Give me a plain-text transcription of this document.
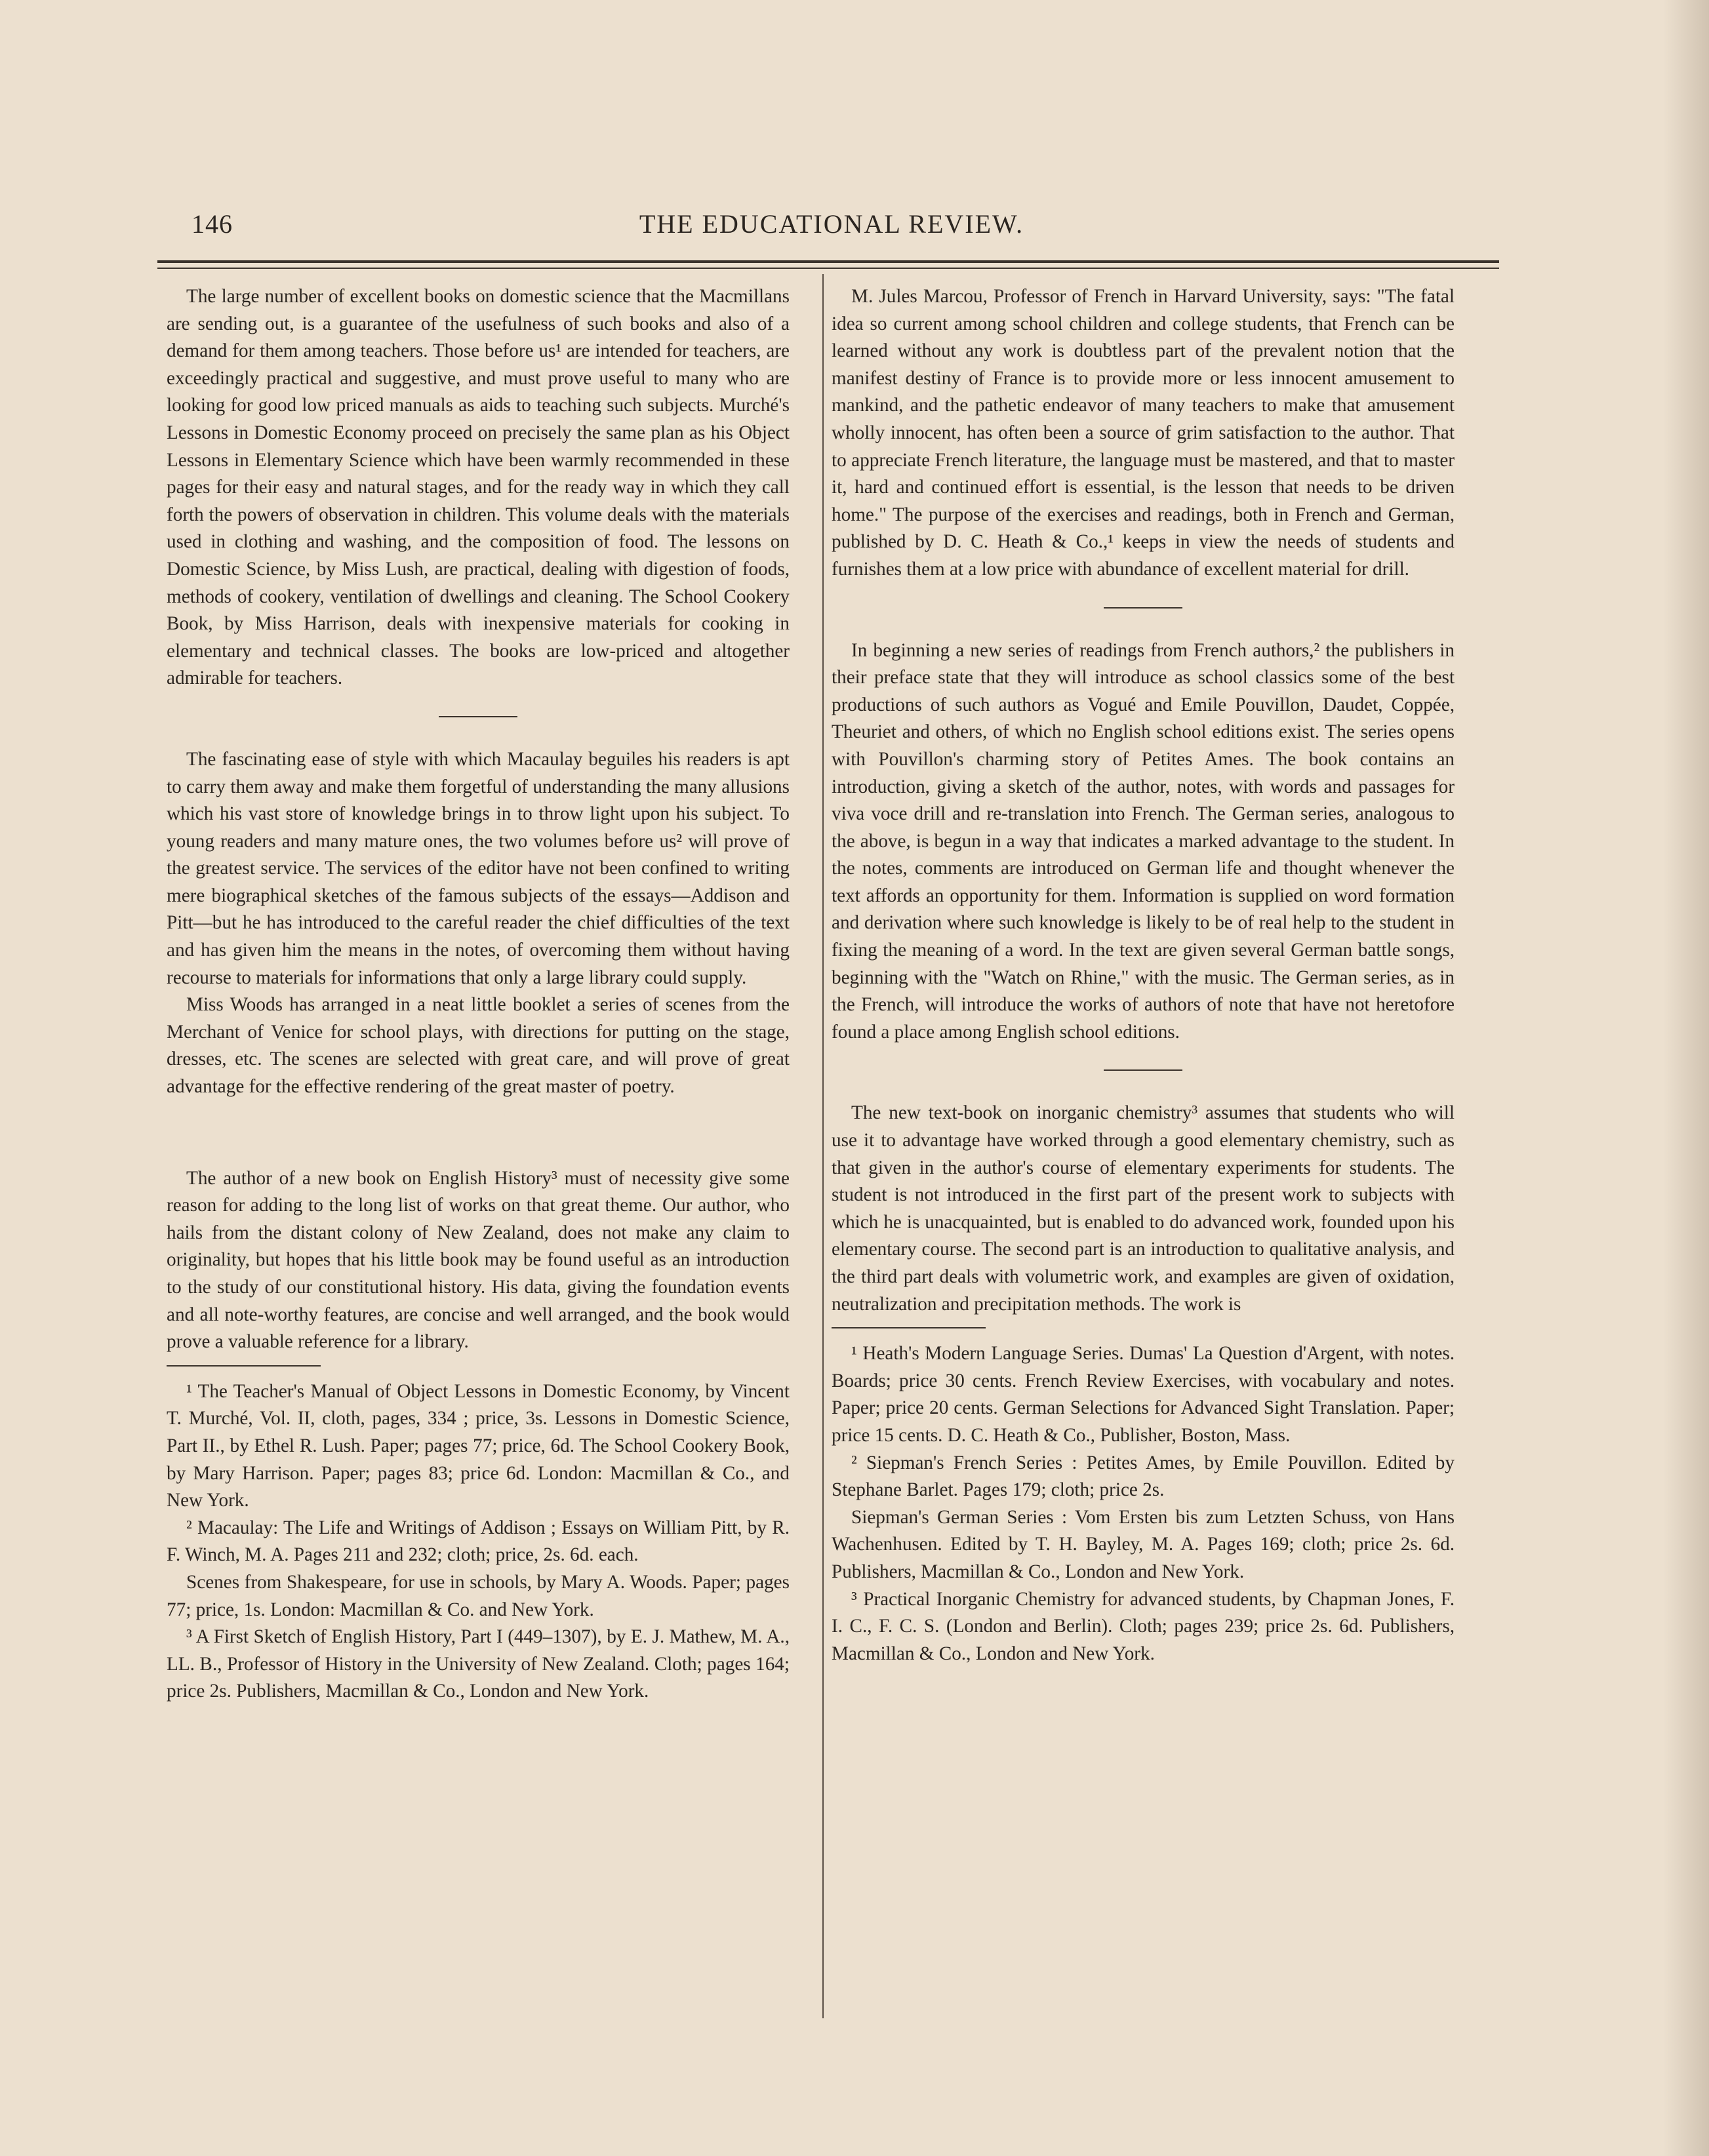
146	THE EDUCATIONAL REVIEW.

The large number of excellent books on domestic science that the Macmillans are sending out, is a guarantee of the usefulness of such books and also of a demand for them among teachers. Those before us¹ are intended for teachers, are exceedingly practical and suggestive, and must prove useful to many who are looking for good low priced manuals as aids to teaching such subjects. Murché's Lessons in Domestic Economy proceed on precisely the same plan as his Object Lessons in Elementary Science which have been warmly recommended in these pages for their easy and natural stages, and for the ready way in which they call forth the powers of observation in children. This volume deals with the materials used in clothing and washing, and the composition of food. The lessons on Domestic Science, by Miss Lush, are practical, dealing with digestion of foods, methods of cookery, ventilation of dwellings and cleaning. The School Cookery Book, by Miss Harrison, deals with inexpensive materials for cooking in elementary and technical classes. The books are low-priced and altogether admirable for teachers.

The fascinating ease of style with which Macaulay beguiles his readers is apt to carry them away and make them forgetful of understanding the many allusions which his vast store of knowledge brings in to throw light upon his subject. To young readers and many mature ones, the two volumes before us² will prove of the greatest service. The services of the editor have not been confined to writing mere biographical sketches of the famous subjects of the essays—Addison and Pitt—but he has introduced to the careful reader the chief difficulties of the text and has given him the means in the notes, of overcoming them without having recourse to materials for informations that only a large library could supply.

Miss Woods has arranged in a neat little booklet a series of scenes from the Merchant of Venice for school plays, with directions for putting on the stage, dresses, etc. The scenes are selected with great care, and will prove of great advantage for the effective rendering of the great master of poetry.

The author of a new book on English History³ must of necessity give some reason for adding to the long list of works on that great theme. Our author, who hails from the distant colony of New Zealand, does not make any claim to originality, but hopes that his little book may be found useful as an introduction to the study of our constitutional history. His data, giving the foundation events and all note-worthy features, are concise and well arranged, and the book would prove a valuable reference for a library.

¹ The Teacher's Manual of Object Lessons in Domestic Economy, by Vincent T. Murché, Vol. II, cloth, pages, 334 ; price, 3s. Lessons in Domestic Science, Part II., by Ethel R. Lush. Paper; pages 77; price, 6d. The School Cookery Book, by Mary Harrison. Paper; pages 83; price 6d. London: Macmillan & Co., and New York.

² Macaulay: The Life and Writings of Addison ; Essays on William Pitt, by R. F. Winch, M. A. Pages 211 and 232; cloth; price, 2s. 6d. each.

Scenes from Shakespeare, for use in schools, by Mary A. Woods. Paper; pages 77; price, 1s. London: Macmillan & Co. and New York.

³ A First Sketch of English History, Part I (449–1307), by E. J. Mathew, M. A., LL. B., Professor of History in the University of New Zealand. Cloth; pages 164; price 2s. Publishers, Macmillan & Co., London and New York.

M. Jules Marcou, Professor of French in Harvard University, says: "The fatal idea so current among school children and college students, that French can be learned without any work is doubtless part of the prevalent notion that the manifest destiny of France is to provide more or less innocent amusement to mankind, and the pathetic endeavor of many teachers to make that amusement wholly innocent, has often been a source of grim satisfaction to the author. That to appreciate French literature, the language must be mastered, and that to master it, hard and continued effort is essential, is the lesson that needs to be driven home." The purpose of the exercises and readings, both in French and German, published by D. C. Heath & Co.,¹ keeps in view the needs of students and furnishes them at a low price with abundance of excellent material for drill.

In beginning a new series of readings from French authors,² the publishers in their preface state that they will introduce as school classics some of the best productions of such authors as Vogué and Emile Pouvillon, Daudet, Coppée, Theuriet and others, of which no English school editions exist. The series opens with Pouvillon's charming story of Petites Ames. The book contains an introduction, giving a sketch of the author, notes, with words and passages for viva voce drill and re-translation into French. The German series, analogous to the above, is begun in a way that indicates a marked advantage to the student. In the notes, comments are introduced on German life and thought whenever the text affords an opportunity for them. Information is supplied on word formation and derivation where such knowledge is likely to be of real help to the student in fixing the meaning of a word. In the text are given several German battle songs, beginning with the "Watch on Rhine," with the music. The German series, as in the French, will introduce the works of authors of note that have not heretofore found a place among English school editions.

The new text-book on inorganic chemistry³ assumes that students who will use it to advantage have worked through a good elementary chemistry, such as that given in the author's course of elementary experiments for students. The student is not introduced in the first part of the present work to subjects with which he is unacquainted, but is enabled to do advanced work, founded upon his elementary course. The second part is an introduction to qualitative analysis, and the third part deals with volumetric work, and examples are given of oxidation, neutralization and precipitation methods. The work is

¹ Heath's Modern Language Series. Dumas' La Question d'Argent, with notes. Boards; price 30 cents. French Review Exercises, with vocabulary and notes. Paper; price 20 cents. German Selections for Advanced Sight Translation. Paper; price 15 cents. D. C. Heath & Co., Publisher, Boston, Mass.

² Siepman's French Series : Petites Ames, by Emile Pouvillon. Edited by Stephane Barlet. Pages 179; cloth; price 2s.

Siepman's German Series : Vom Ersten bis zum Letzten Schuss, von Hans Wachenhusen. Edited by T. H. Bayley, M. A. Pages 169; cloth; price 2s. 6d. Publishers, Macmillan & Co., London and New York.

³ Practical Inorganic Chemistry for advanced students, by Chapman Jones, F. I. C., F. C. S. (London and Berlin). Cloth; pages 239; price 2s. 6d. Publishers, Macmillan & Co., London and New York.
